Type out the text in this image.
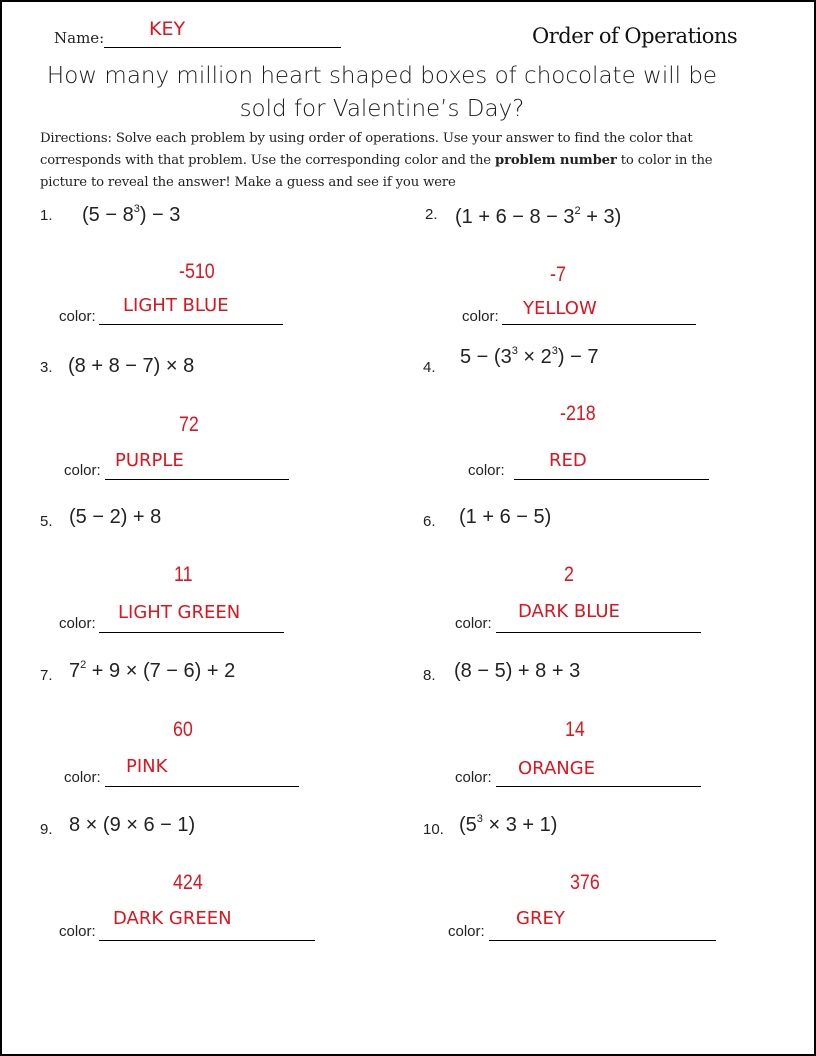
Name: KEY	Order of Operations
How many million heart shaped boxes of chocolate will be sold for Valentine’s Day?
Directions: Solve each problem by using order of operations. Use your answer to find the color that corresponds with that problem. Use the corresponding color and the problem number to color in the picture to reveal the answer! Make a guess and see if you were
1. $(5 - 8^3) - 3$
-510
color:
LIGHT BLUE
2. $(1 + 6 - 8 - 3^2 + 3)$
-7
color: YELLOW
3. (8 + 8 − 7) × 8
72
color: PURPLE
4. $5 - (3^3 \times 2^3) - 7$
-218
color: RED
5. (5 − 2) + 8
11
color:
LIGHT GREEN
6. (1 + 6 − 5)
2
color:
DARK BLUE
7. $7^2 + 9 \times (7 - 6) + 2$
60
color:
PINK
8. (8 − 5) + 8 + 3
14
color: ORANGE
9. 8 × (9 × 6 − 1)
424
color:
DARK GREEN
10. $(5^3 \times 3 + 1)$
376
color:
GREY
